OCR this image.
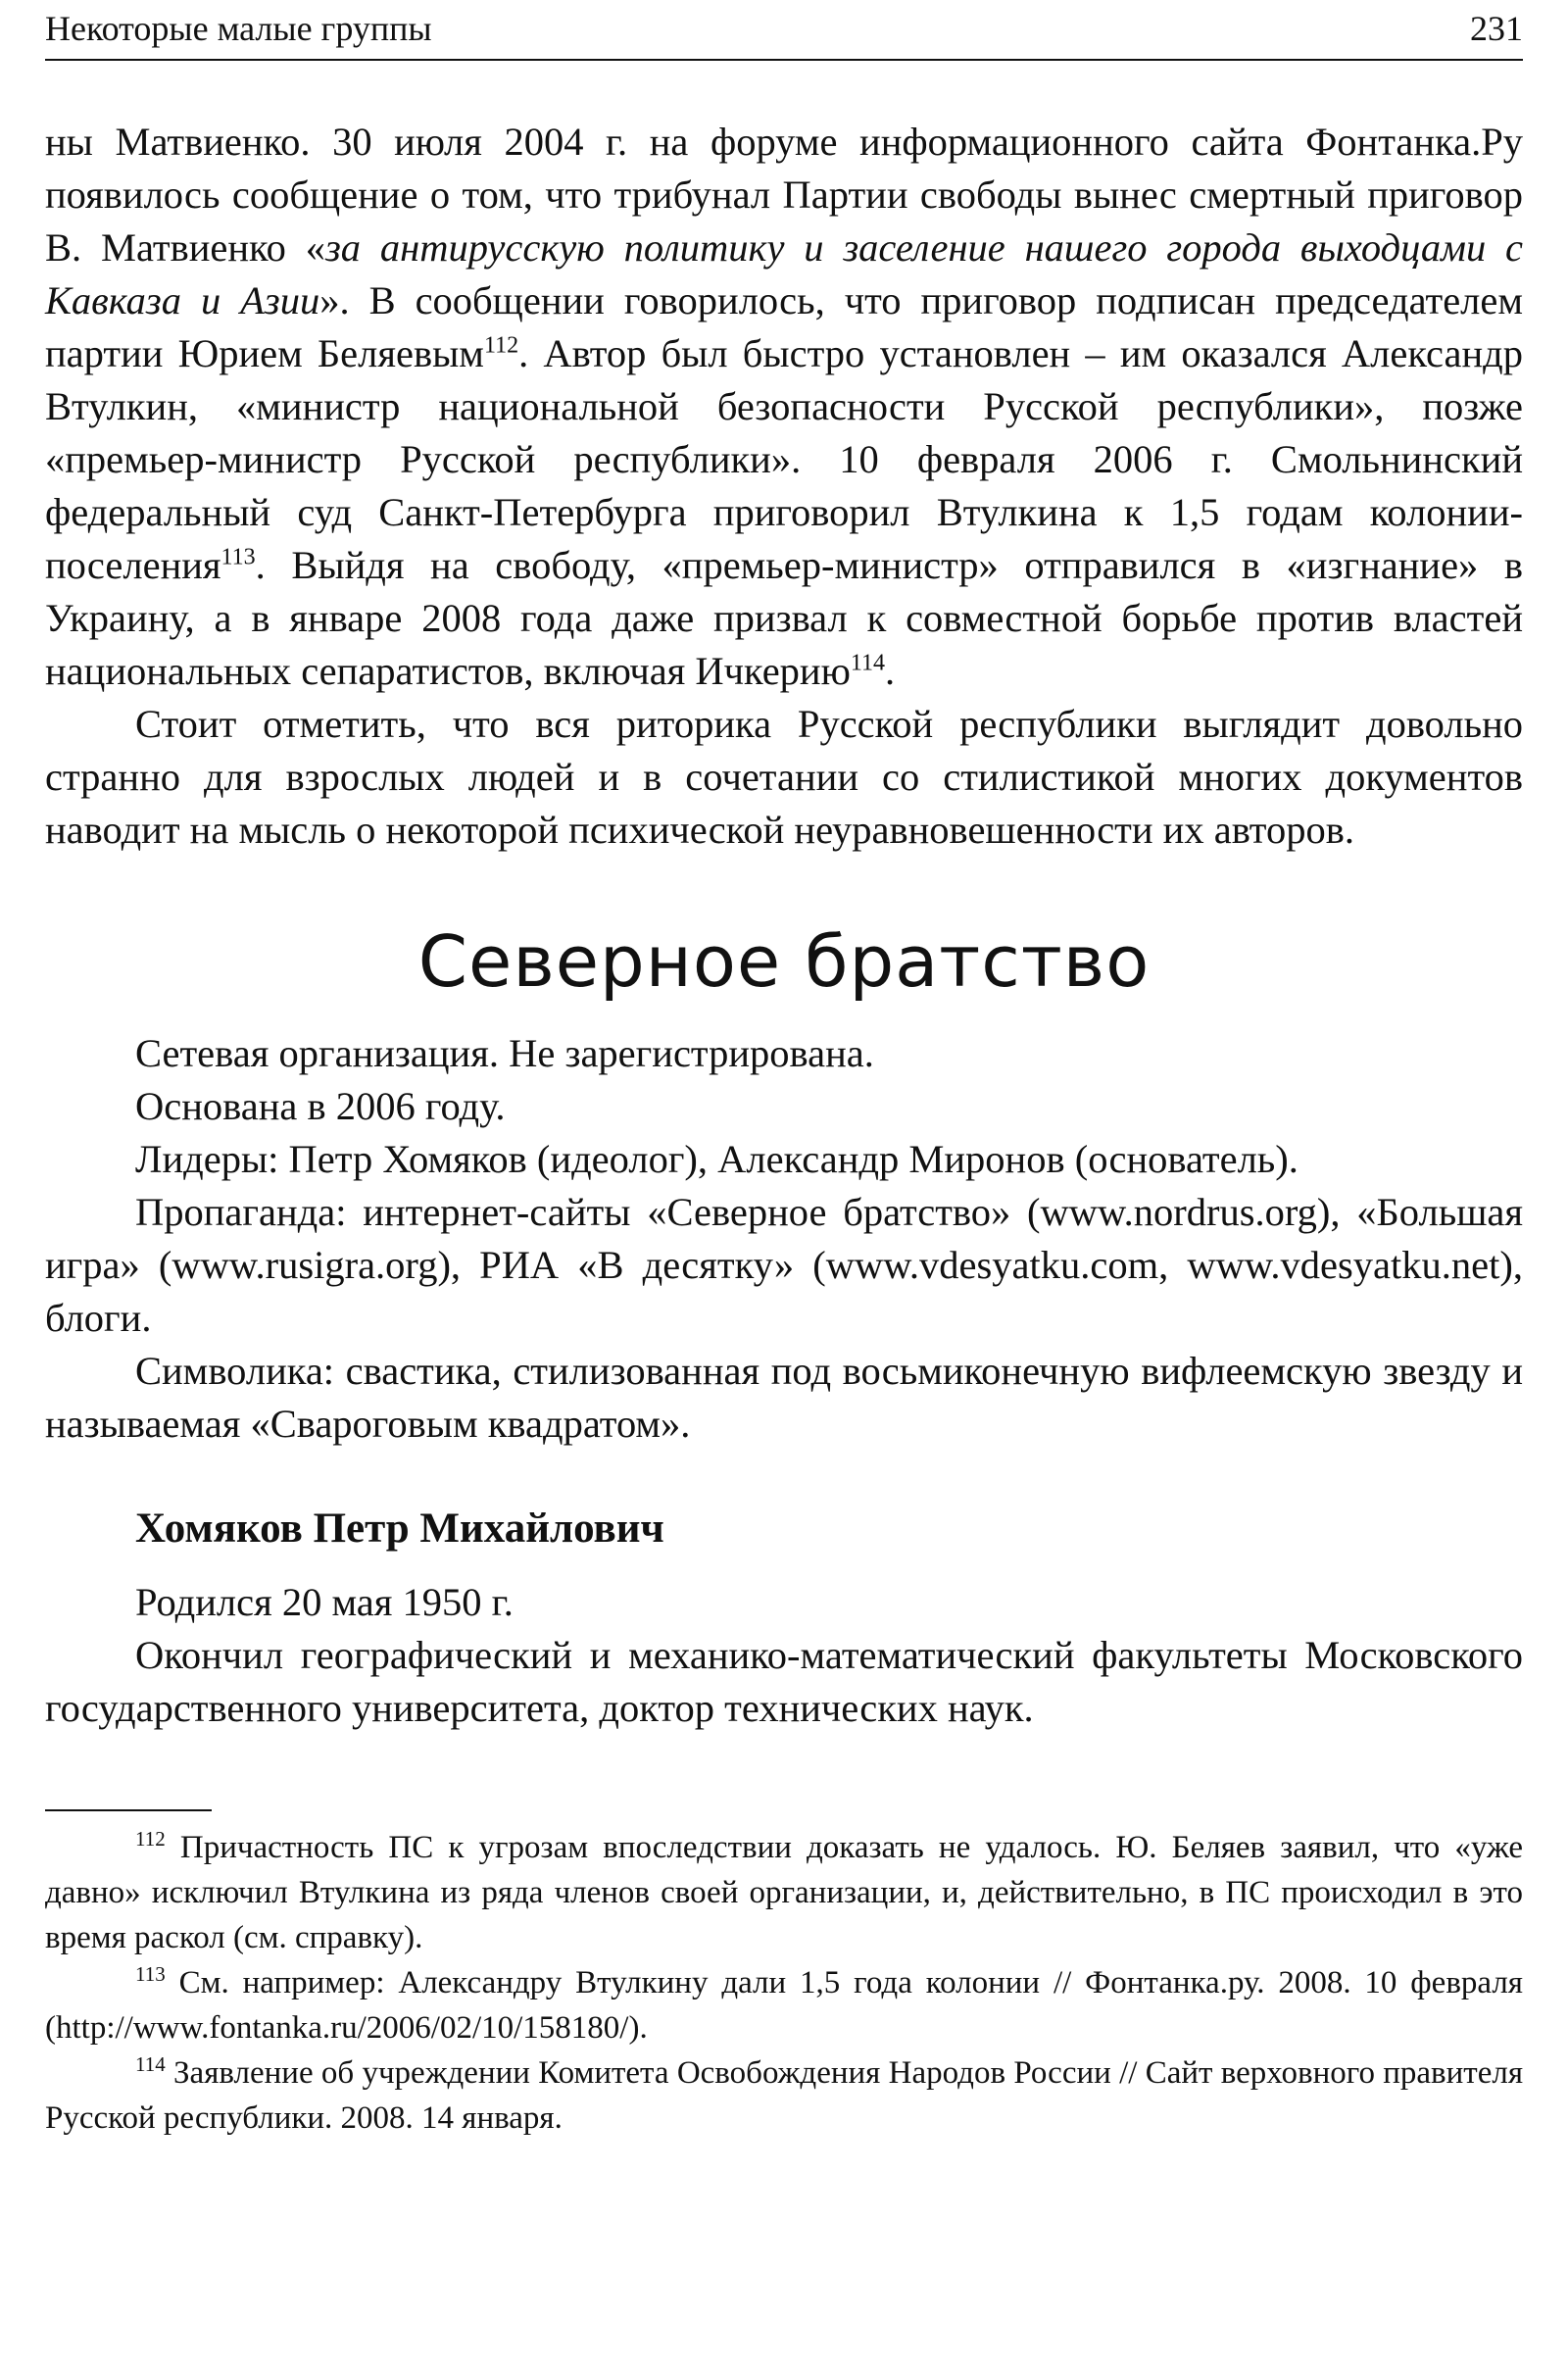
Некоторые малые группы	231

ны Матвиенко. 30 июля 2004 г. на форуме информационного сайта Фонтанка.Ру появилось сообщение о том, что трибунал Партии свободы вынес смертный приговор В. Матвиенко «за антирусскую политику и заселение нашего города выходцами с Кавказа и Азии». В сообщении говорилось, что приговор подписан председателем партии Юрием Беляевым$^{112}$. Автор был быстро установлен – им оказался Александр Втулкин, «министр национальной безопасности Русской республики», позже «премьер-министр Русской республики». 10 февраля 2006 г. Смольнинский федеральный суд Санкт-Петербурга приговорил Втулкина к 1,5 годам колонии-поселения$^{113}$. Выйдя на свободу, «премьер-министр» отправился в «изгнание» в Украину, а в январе 2008 года даже призвал к совместной борьбе против властей национальных сепаратистов, включая Ичкерию$^{114}$.

Стоит отметить, что вся риторика Русской республики выглядит довольно странно для взрослых людей и в сочетании со стилистикой многих документов наводит на мысль о некоторой психической неуравновешенности их авторов.

Северное братство

Сетевая организация. Не зарегистрирована.

Основана в 2006 году.

Лидеры: Петр Хомяков (идеолог), Александр Миронов (основатель).

Пропаганда: интернет-сайты «Северное братство» (www.nordrus.org), «Большая игра» (www.rusigra.org), РИА «В десятку» (www.vdesyatku.com, www.vdesyatku.net), блоги.

Символика: свастика, стилизованная под восьмиконечную вифлеемскую звезду и называемая «Свароговым квадратом».

Хомяков Петр Михайлович

Родился 20 мая 1950 г.

Окончил географический и механико-математический факультеты Московского государственного университета, доктор технических наук.

$^{112}$ Причастность ПС к угрозам впоследствии доказать не удалось. Ю. Беляев заявил, что «уже давно» исключил Втулкина из ряда членов своей организации, и, действительно, в ПС происходил в это время раскол (см. справку).

$^{113}$ См. например: Александру Втулкину дали 1,5 года колонии // Фонтанка.ру. 2008. 10 февраля (http://www.fontanka.ru/2006/02/10/158180/).

$^{114}$ Заявление об учреждении Комитета Освобождения Народов России // Сайт верховного правителя Русской республики. 2008. 14 января.
